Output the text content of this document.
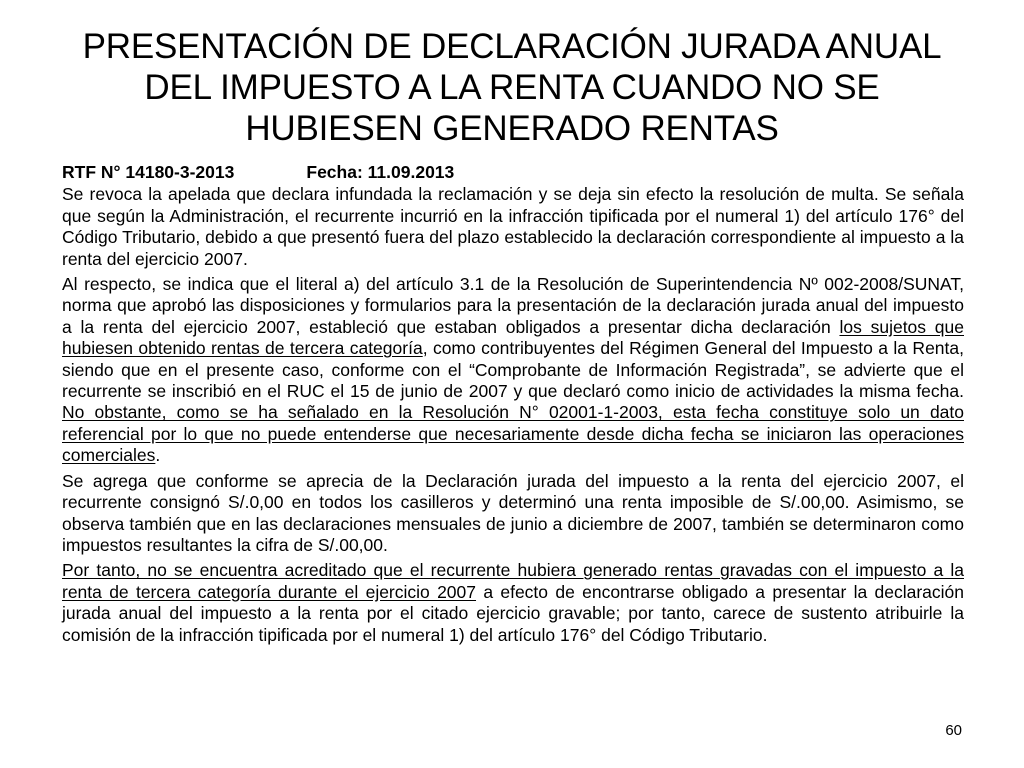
PRESENTACIÓN DE DECLARACIÓN JURADA ANUAL
DEL IMPUESTO A LA RENTA CUANDO NO SE
HUBIESEN GENERADO RENTAS

RTF N° 14180-3-2013	Fecha: 11.09.2013

Se revoca la apelada que declara infundada la reclamación y se deja sin efecto la resolución de multa. Se señala que según la Administración, el recurrente incurrió en la infracción tipificada por el numeral 1) del artículo 176° del Código Tributario, debido a que presentó fuera del plazo establecido la declaración correspondiente al impuesto a la renta del ejercicio 2007.

Al respecto, se indica que el literal a) del artículo 3.1 de la Resolución de Superintendencia Nº 002-2008/SUNAT, norma que aprobó las disposiciones y formularios para la presentación de la declaración jurada anual del impuesto a la renta del ejercicio 2007, estableció que estaban obligados a presentar dicha declaración los sujetos que hubiesen obtenido rentas de tercera categoría, como contribuyentes del Régimen General del Impuesto a la Renta, siendo que en el presente caso, conforme con el “Comprobante de Información Registrada”, se advierte que el recurrente se inscribió en el RUC el 15 de junio de 2007 y que declaró como inicio de actividades la misma fecha. No obstante, como se ha señalado en la Resolución N° 02001-1-2003, esta fecha constituye solo un dato referencial por lo que no puede entenderse que necesariamente desde dicha fecha se iniciaron las operaciones comerciales.

Se agrega que conforme se aprecia de la Declaración jurada del impuesto a la renta del ejercicio 2007, el recurrente consignó S/.0,00 en todos los casilleros y determinó una renta imposible de S/.00,00. Asimismo, se observa también que en las declaraciones mensuales de junio a diciembre de 2007, también se determinaron como impuestos resultantes la cifra de S/.00,00.

Por tanto, no se encuentra acreditado que el recurrente hubiera generado rentas gravadas con el impuesto a la renta de tercera categoría durante el ejercicio 2007 a efecto de encontrarse obligado a presentar la declaración jurada anual del impuesto a la renta por el citado ejercicio gravable; por tanto, carece de sustento atribuirle la comisión de la infracción tipificada por el numeral 1) del artículo 176° del Código Tributario.

60
